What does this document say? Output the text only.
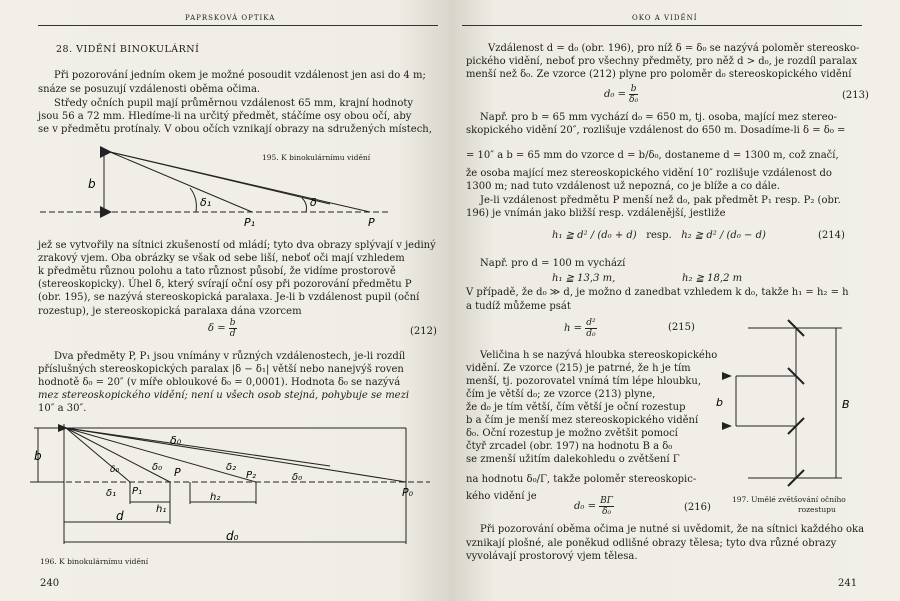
PAPRSKOVÁ OPTIKA
28. VIDĚNÍ BINOKULÁRNÍ
Při pozorování jedním okem je možné posoudit vzdálenost jen asi do 4 m;
snáze se posuzují vzdálenosti oběma očima.
Středy očních pupil mají průměrnou vzdálenost 65 mm, krajní hodnoty
jsou 56 a 72 mm. Hledíme-li na určitý předmět, stáčíme osy obou očí, aby
se v předmětu protínaly. V obou očích vznikají obrazy na sdružených místech,
b
δ₁
P₁
δ
P
195. K binokulárnímu vidění
jež se vytvořily na sítnici zkušeností od mládí; tyto dva obrazy splývají v jediný
zrakový vjem. Oba obrázky se však od sebe liší, neboť oči mají vzhledem
k předmětu různou polohu a tato různost působí, že vidíme prostorově
(stereoskopicky). Úhel δ, který svírají oční osy při pozorování předmětu P
(obr. 195), se nazývá stereoskopická paralaxa. Je-li b vzdálenost pupil (oční
rozestup), je stereoskopická paralaxa dána vzorcem
$\delta = \frac{b}{d}$	(212)
Dva předměty P, P₁ jsou vnímány v různých vzdálenostech, je-li rozdíl
příslušných stereoskopických paralax |δ − δ₁| větší nebo nanejvýš roven
hodnotě δ₀ = 20″ (v míře obloukové δ₀ = 0,0001). Hodnota δ₀ se nazývá
mez stereoskopického vidění; není u všech osob stejná, pohybuje se mezi
10″ a 30″.
b
δ₀
δ₀	δ₀	δ₂
δ₁
δ₀
P₁
P	P₂
P₀
h₁
h₂
d
d₀
196. K binokulárnímu vidění
240
OKO A VIDĚNÍ
Vzdálenost d = d₀ (obr. 196), pro níž δ = δ₀ se nazývá poloměr stereosko-
pického vidění, neboť pro všechny předměty, pro něž d > d₀, je rozdíl paralax
menší než δ₀. Ze vzorce (212) plyne pro poloměr d₀ stereoskopického vidění
$d_0 = \frac{b}{\text{δ₀}}$	(213)
Např. pro b = 65 mm vychází d₀ = 650 m, tj. osoba, mající mez stereo-
skopického vidění 20″, rozlišuje vzdálenost do 650 m. Dosadíme-li δ = δ₀ =
= 10″ a b = 65 mm do vzorce d = b/δ₀, dostaneme d = 1300 m, což značí,
že osoba mající mez stereoskopického vidění 10″ rozlišuje vzdálenost do
1300 m; nad tuto vzdálenost už nepozná, co je blíže a co dále.
Je-li vzdálenost předmětu P menší než d₀, pak předmět P₁ resp. P₂ (obr.
196) je vnímán jako bližší resp. vzdálenější, jestliže
h₁ ≧ d² / (d₀ + d) resp. h₂ ≧ d² / (d₀ − d)	(214)
Např. pro d = 100 m vychází
h₁ ≧ 13,3 m,	h₂ ≧ 18,2 m
V případě, že d₀ ≫ d, je možno d zanedbat vzhledem k d₀, takže h₁ = h₂ = h
a tudíž můžeme psát
$h = \frac{\text{d²}}{\text{d₀}}$	(215)
Veličina h se nazývá hloubka stereoskopického
vidění. Ze vzorce (215) je patrné, že h je tím
menší, tj. pozorovatel vnímá tím lépe hloubku,
čím je větší d₀; ze vzorce (213) plyne,
že d₀ je tím větší, čím větší je oční rozestup
b a čím je menší mez stereoskopického vidění
δ₀. Oční rozestup je možno zvětšit pomocí
čtyř zrcadel (obr. 197) na hodnotu B a δ₀
se zmenší užitím dalekohledu o zvětšení Γ
na hodnotu δ₀/Γ, takže poloměr stereoskopic-
kého vidění je
$d_0 = \frac{B\Gamma}{\text{δ₀}}$	(216)
b	B
197. Umělé zvětšování očního
rozestupu
Při pozorování oběma očima je nutné si uvědomit, že na sítnici každého oka
vznikají plošné, ale poněkud odlišné obrazy tělesa; tyto dva různé obrazy
vyvolávají prostorový vjem tělesa.
241
